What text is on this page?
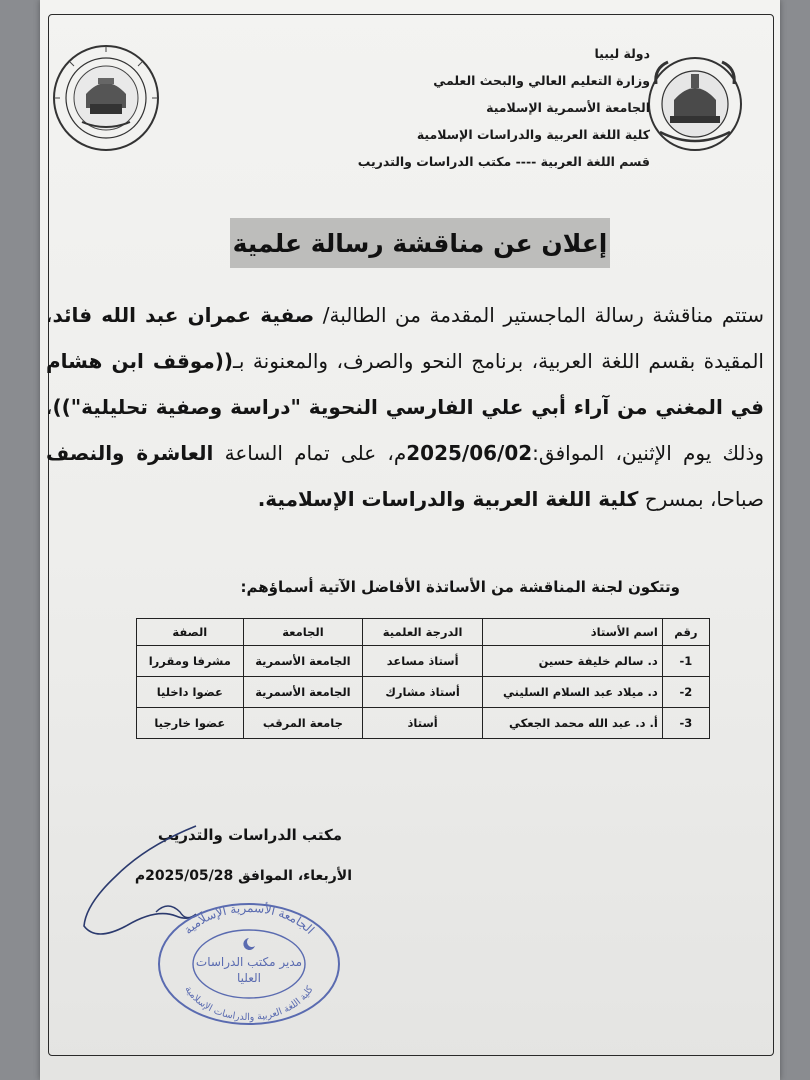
دولة ليبيا
وزارة التعليم العالي والبحث العلمي
الجامعة الأسمرية الإسلامية
كلية اللغة العربية والدراسات الإسلامية
قسم اللغة العربية ---- مكتب الدراسات والتدريب
إعلان عن مناقشة رسالة علمية
ستتم مناقشة رسالة الماجستير المقدمة من الطالبة/ صفية عمران عبد الله فائد، المقيدة بقسم اللغة العربية، برنامج النحو والصرف، والمعنونة بـ((موقف ابن هشام في المغني من آراء أبي علي الفارسي النحوية "دراسة وصفية تحليلية"))، وذلك يوم الإثنين، الموافق:2025/06/02م، على تمام الساعة العاشرة والنصف صباحا، بمسرح كلية اللغة العربية والدراسات الإسلامية.
وتتكون لجنة المناقشة من الأساتذة الأفاضل الآتية أسماؤهم:
رقم	اسم الأستاذ	الدرجة العلمية	الجامعة	الصفة
1-	د. سالم خليفة حسين	أستاذ مساعد	الجامعة الأسمرية	مشرفا ومقررا
2-	د. ميلاد عبد السلام السليني	أستاذ مشارك	الجامعة الأسمرية	عضوا داخليا
3-	أ. د. عبد الله محمد الجعكي	أستاذ	جامعة المرقب	عضوا خارجيا
مكتب الدراسات والتدريب
الأربعاء، الموافق 2025/05/28م
الجامعة الأسمرية الإسلامية
كلية اللغة العربية والدراسات الإسلامية
مدير مكتب الدراسات
العليا
